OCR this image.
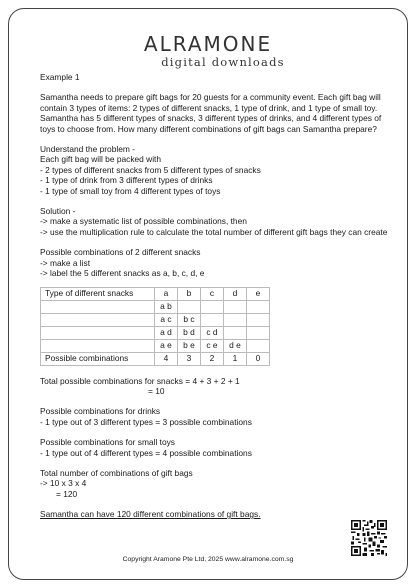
ALRAMONE
digital downloads

Example 1

Samantha needs to prepare gift bags for 20 guests for a community event. Each gift bag will contain 3 types of items: 2 types of different snacks, 1 type of drink, and 1 type of small toy. Samantha has 5 different types of snacks, 3 different types of drinks, and 4 different types of toys to choose from. How many different combinations of gift bags can Samantha prepare?

Understand the problem -

Each gift bag will be packed with

- 2 types of different snacks from 5 different types of snacks

- 1 type of drink from 3 different types of drinks

- 1 type of small toy from 4 different types of toys

Solution -

-> make a systematic list of possible combinations, then

-> use the multiplication rule to calculate the total number of different gift bags they can create

Possible combinations of 2 different snacks

-> make a list

-> label the 5 different snacks as a, b, c, d, e

Type of different snacks	a	b	c	d	e
	a b				
	a c	b c			
	a d	b d	c d		
	a e	b e	c e	d e	
Possible combinations	4	3	2	1	0

Total possible combinations for snacks = 4 + 3 + 2 + 1

= 10

Possible combinations for drinks

- 1 type out of 3 different types = 3 possible combinations

Possible combinations for small toys

- 1 type out of 4 different types = 4 possible combinations

Total number of combinations of gift bags

-> 10 x 3 x 4

= 120

Samantha can have 120 different combinations of gift bags.

Copyright Aramone Pte Ltd, 2025 www.alramone.com.sg
